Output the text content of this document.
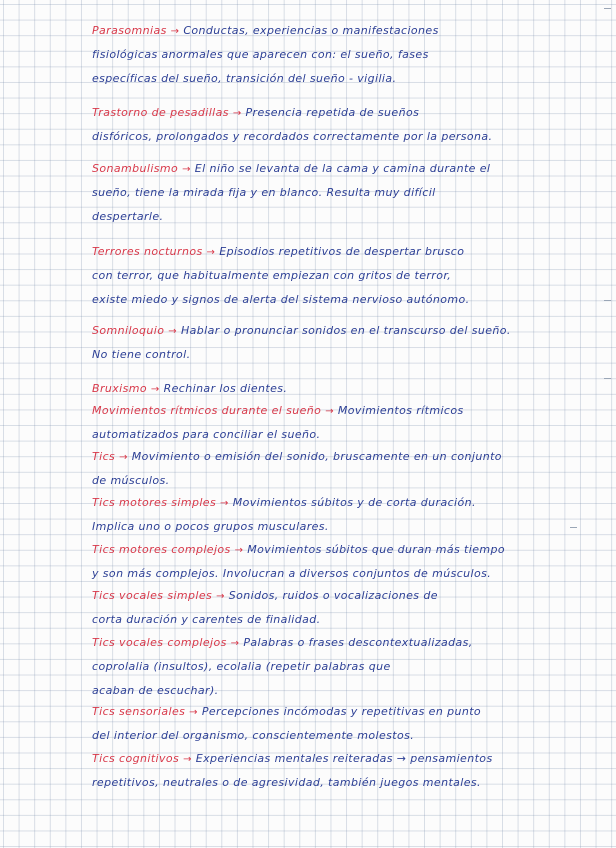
Parasomnias → Conductas, experiencias o manifestaciones
fisiológicas anormales que aparecen con: el sueño, fases
específicas del sueño, transición del sueño - vigilia.
Trastorno de pesadillas → Presencia repetida de sueños
disfóricos, prolongados y recordados correctamente por la persona.
Sonambulismo → El niño se levanta de la cama y camina durante el
sueño, tiene la mirada fija y en blanco. Resulta muy difícil
despertarle.
Terrores nocturnos → Episodios repetitivos de despertar brusco
con terror, que habitualmente empiezan con gritos de terror,
existe miedo y signos de alerta del sistema nervioso autónomo.
Somniloquio → Hablar o pronunciar sonidos en el transcurso del sueño.
No tiene control.
Bruxismo → Rechinar los dientes.
Movimientos rítmicos durante el sueño → Movimientos rítmicos
automatizados para conciliar el sueño.
Tics → Movimiento o emisión del sonido, bruscamente en un conjunto
de músculos.
Tics motores simples → Movimientos súbitos y de corta duración.
Implica uno o pocos grupos musculares.
Tics motores complejos → Movimientos súbitos que duran más tiempo
y son más complejos. Involucran a diversos conjuntos de músculos.
Tics vocales simples → Sonidos, ruidos o vocalizaciones de
corta duración y carentes de finalidad.
Tics vocales complejos → Palabras o frases descontextualizadas,
coprolalia (insultos), ecolalia (repetir palabras que
acaban de escuchar).
Tics sensoriales → Percepciones incómodas y repetitivas en punto
del interior del organismo, conscientemente molestos.
Tics cognitivos → Experiencias mentales reiteradas → pensamientos
repetitivos, neutrales o de agresividad, también juegos mentales.
